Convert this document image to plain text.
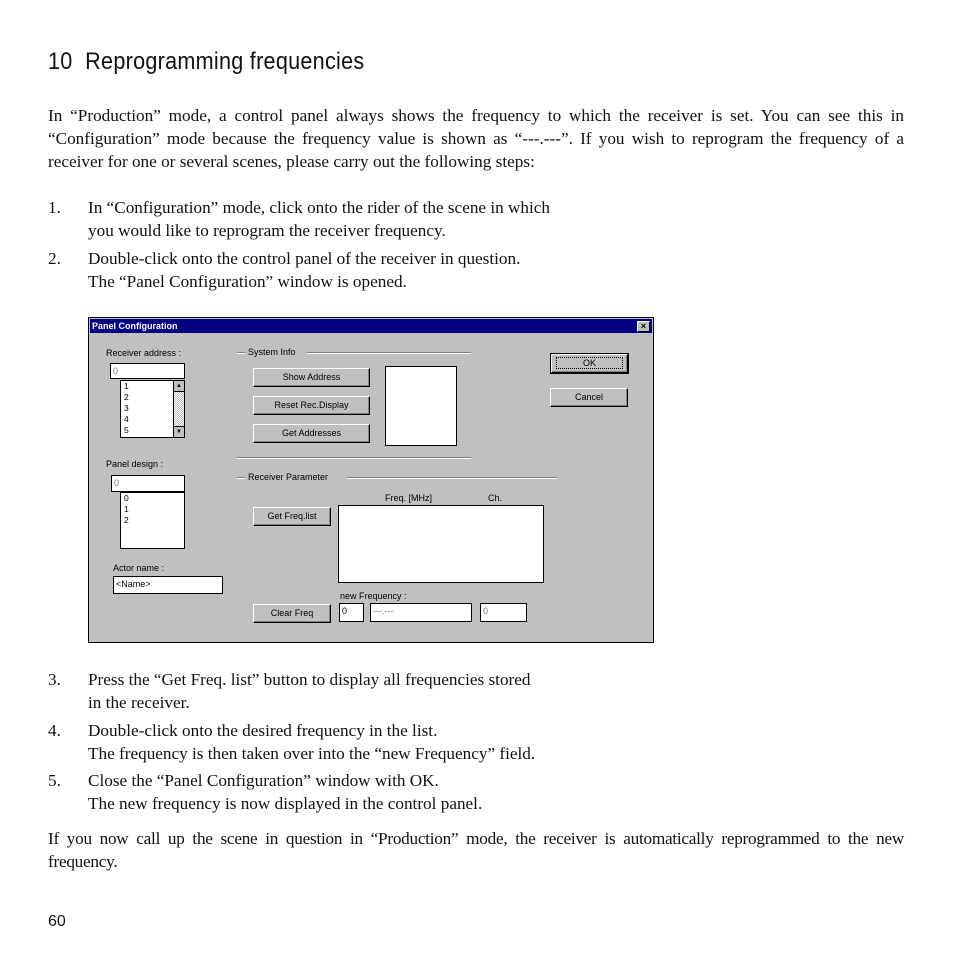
10 Reprogramming frequencies
In “Production” mode, a control panel always shows the frequency to which the receiver is set. You can see this in “Configuration” mode because the frequency value is shown as “---.---”. If you wish to reprogram the frequency of a receiver for one or several scenes, please carry out the following steps:
1. In “Configuration” mode, click onto the rider of the scene in which
you would like to reprogram the receiver frequency.
2. Double-click onto the control panel of the receiver in question.
The “Panel Configuration” window is opened.
Panel Configuration	×
Receiver address :
0
1
2
3
4
5
▲
▼
Panel design :
0
0
1
2
Actor name :
<Name>
System Info
Show Address
Reset Rec.Display
Get Addresses
Receiver Parameter
Freq. [MHz]	Ch.
Get Freq.list
new Frequency :
Clear Freq	0	---.---	0
OK
Cancel
3. Press the “Get Freq. list” button to display all frequencies stored
in the receiver.
4. Double-click onto the desired frequency in the list.
The frequency is then taken over into the “new Frequency” field.
5. Close the “Panel Configuration” window with OK.
The new frequency is now displayed in the control panel.
If you now call up the scene in question in “Production” mode, the receiver is automatically reprogrammed to the new frequency.
60
